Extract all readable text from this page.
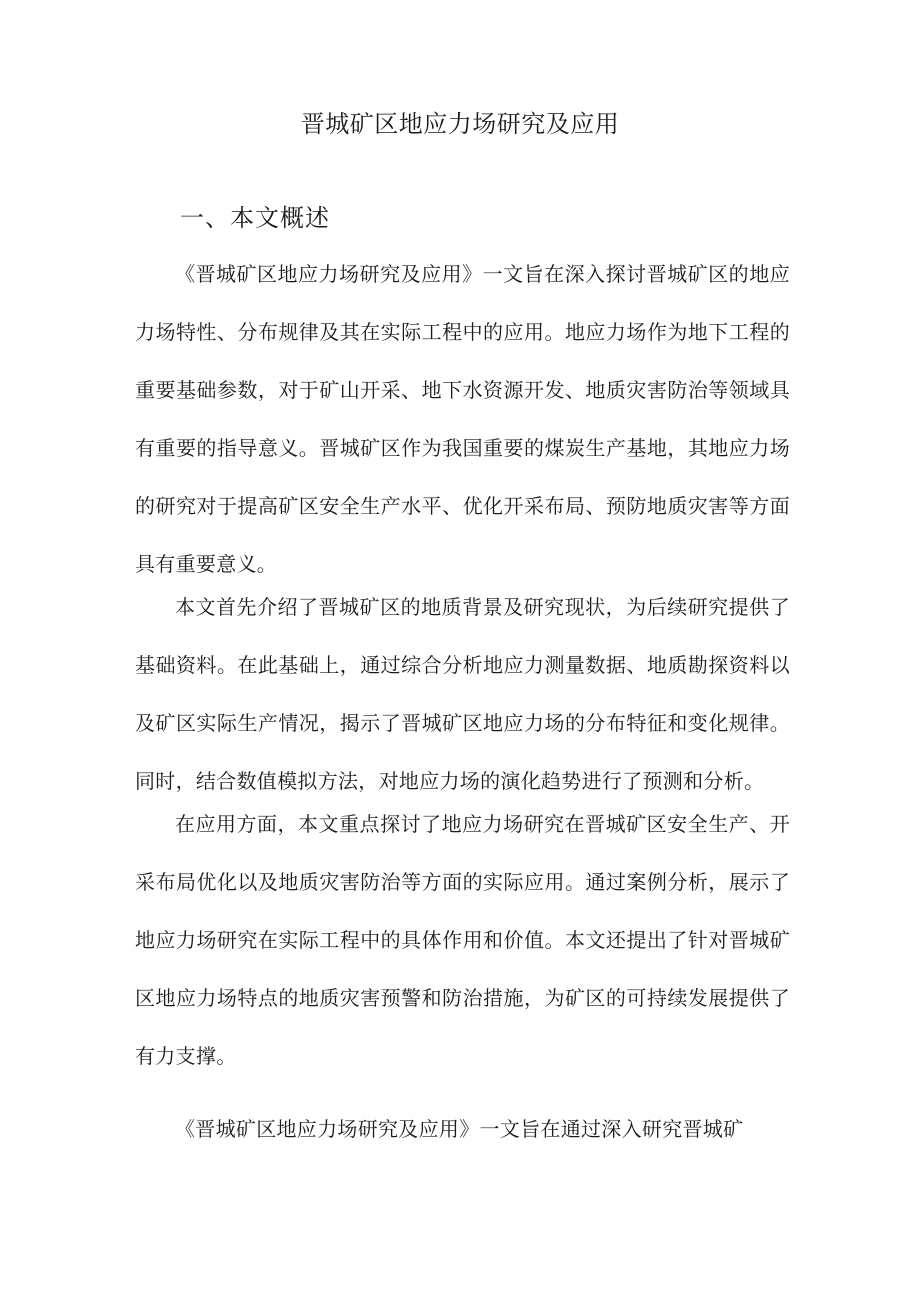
晋城矿区地应力场研究及应用
一、本文概述

《晋城矿区地应力场研究及应用》一文旨在深入探讨晋城矿区的地应力场特性、分布规律及其在实际工程中的应用。地应力场作为地下工程的重要基础参数，对于矿山开采、地下水资源开发、地质灾害防治等领域具有重要的指导意义。晋城矿区作为我国重要的煤炭生产基地，其地应力场的研究对于提高矿区安全生产水平、优化开采布局、预防地质灾害等方面具有重要意义。

本文首先介绍了晋城矿区的地质背景及研究现状，为后续研究提供了基础资料。在此基础上，通过综合分析地应力测量数据、地质勘探资料以及矿区实际生产情况，揭示了晋城矿区地应力场的分布特征和变化规律。同时，结合数值模拟方法，对地应力场的演化趋势进行了预测和分析。

在应用方面，本文重点探讨了地应力场研究在晋城矿区安全生产、开采布局优化以及地质灾害防治等方面的实际应用。通过案例分析，展示了地应力场研究在实际工程中的具体作用和价值。本文还提出了针对晋城矿区地应力场特点的地质灾害预警和防治措施，为矿区的可持续发展提供了有力支撑。

《晋城矿区地应力场研究及应用》一文旨在通过深入研究晋城矿
